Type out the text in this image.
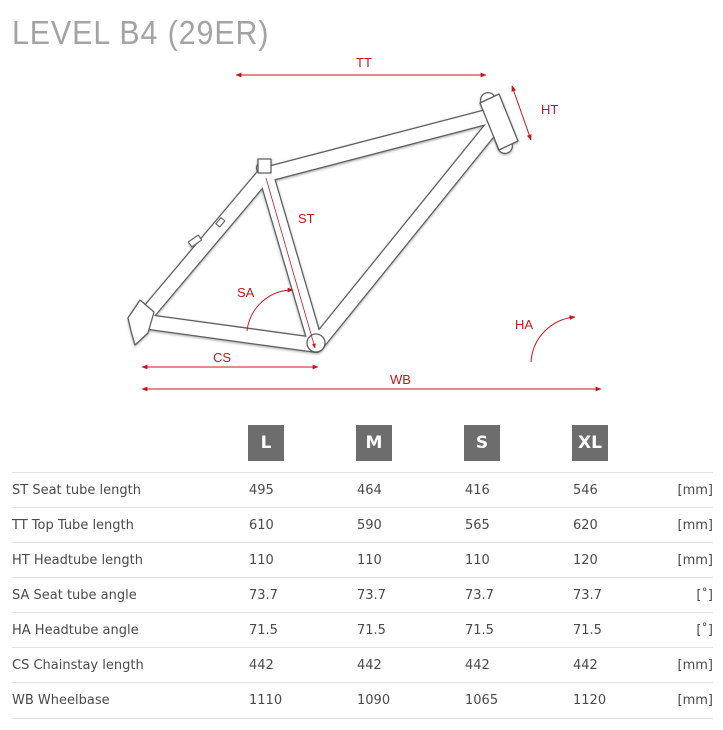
LEVEL B4 (29ER)
TT
HT
ST
SA
HA
CS
WB
L	M	S	XL
ST Seat tube length	495	464	416	546	[mm]
TT Top Tube length	610	590	565	620	[mm]
HT Headtube length	110	110	110	120	[mm]
SA Seat tube angle	73.7	73.7	73.7	73.7	[˚]
HA Headtube angle	71.5	71.5	71.5	71.5	[˚]
CS Chainstay length	442	442	442	442	[mm]
WB Wheelbase	1110	1090	1065	1120	[mm]
